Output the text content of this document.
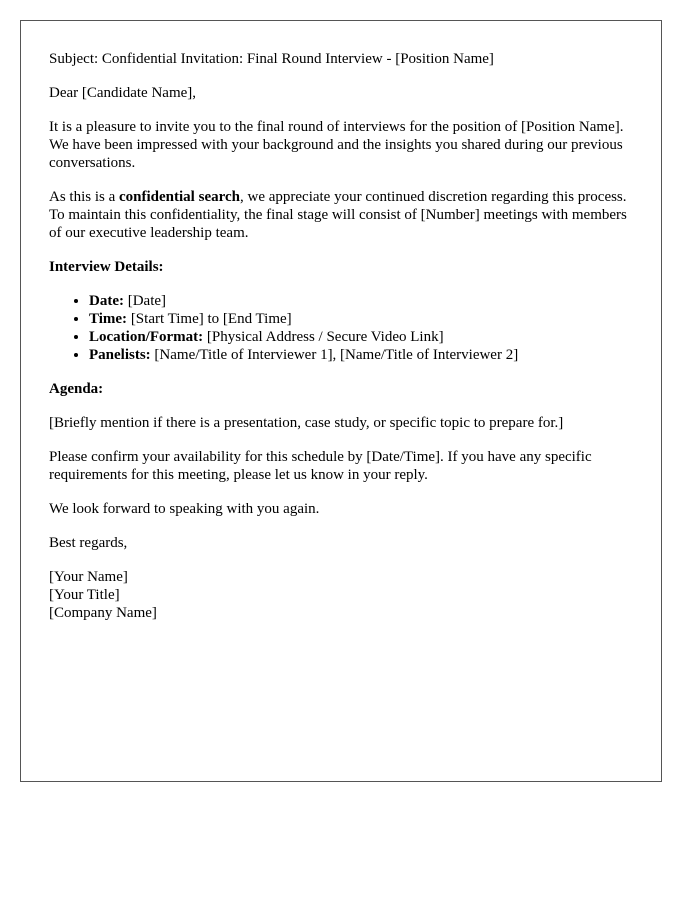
Subject: Confidential Invitation: Final Round Interview - [Position Name]

Dear [Candidate Name],

It is a pleasure to invite you to the final round of interviews for the position of [Position Name]. We have been impressed with your background and the insights you shared during our previous conversations.

As this is a confidential search, we appreciate your continued discretion regarding this process. To maintain this confidentiality, the final stage will consist of [Number] meetings with members of our executive leadership team.

Interview Details:

• Date: [Date]
• Time: [Start Time] to [End Time]
• Location/Format: [Physical Address / Secure Video Link]
• Panelists: [Name/Title of Interviewer 1], [Name/Title of Interviewer 2]

Agenda:

[Briefly mention if there is a presentation, case study, or specific topic to prepare for.]

Please confirm your availability for this schedule by [Date/Time]. If you have any specific requirements for this meeting, please let us know in your reply.

We look forward to speaking with you again.

Best regards,

[Your Name]
[Your Title]
[Company Name]
